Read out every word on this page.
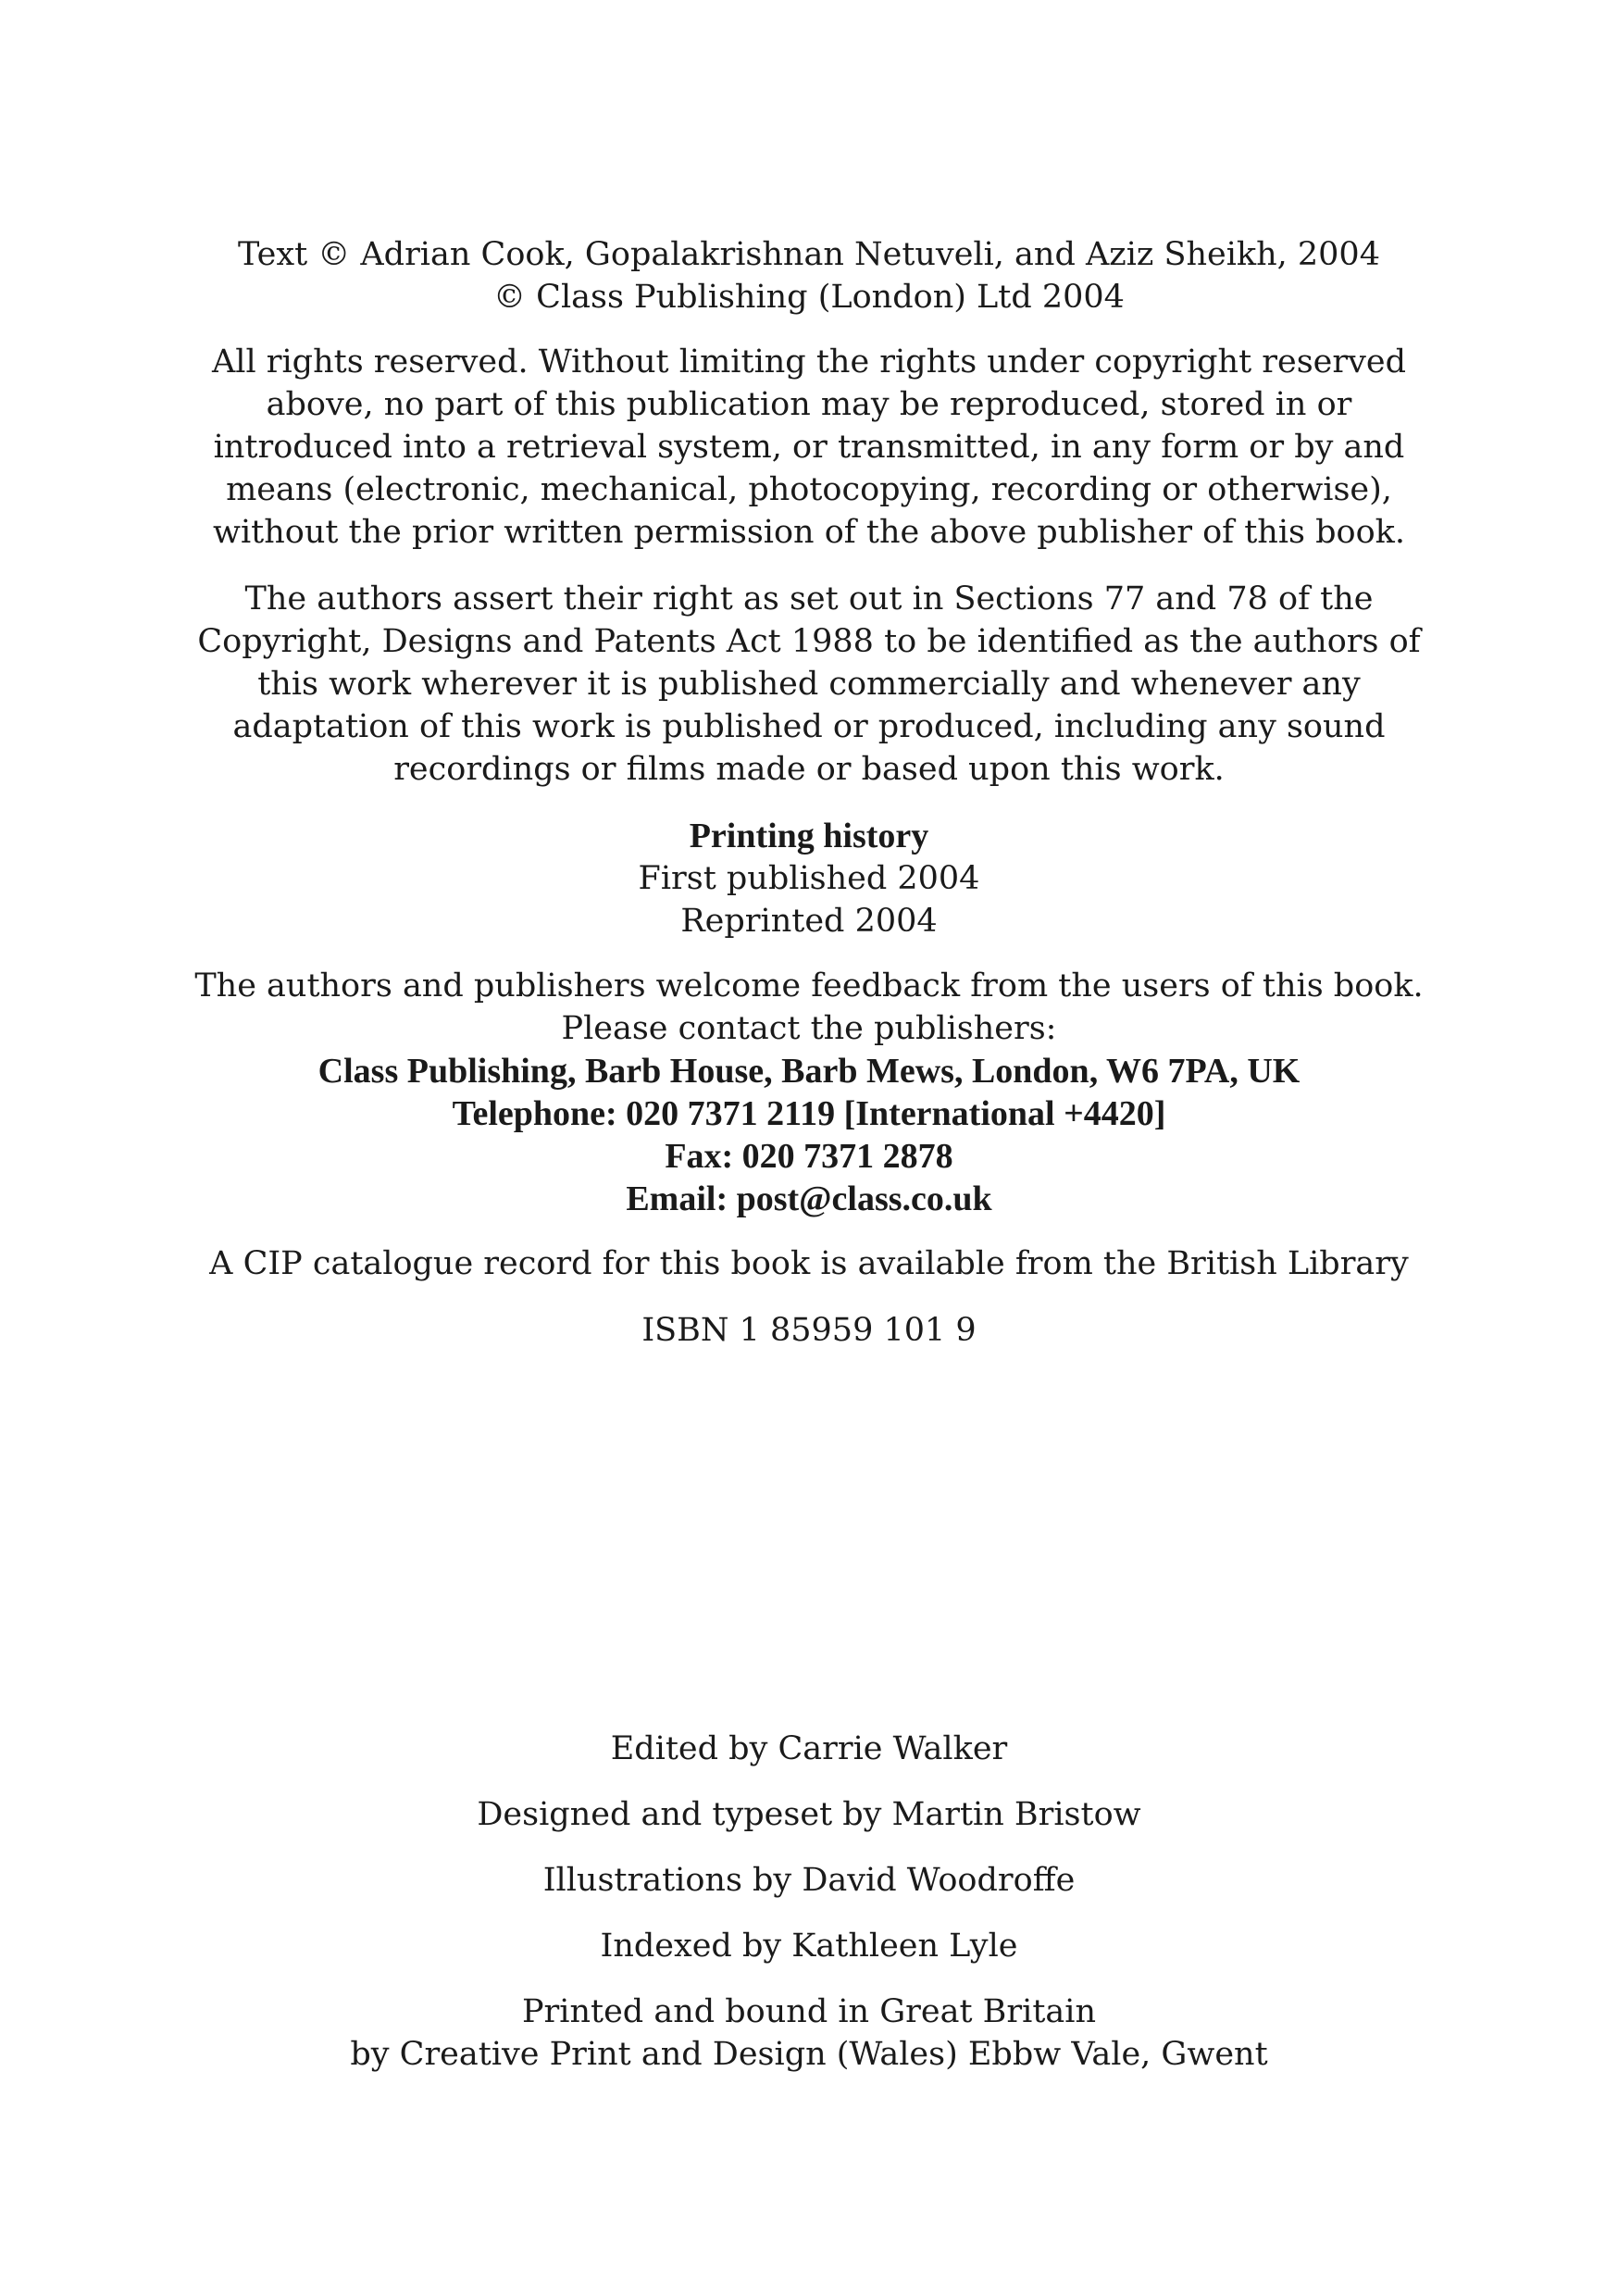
Text © Adrian Cook, Gopalakrishnan Netuveli, and Aziz Sheikh, 2004
© Class Publishing (London) Ltd 2004
All rights reserved. Without limiting the rights under copyright reserved
above, no part of this publication may be reproduced, stored in or
introduced into a retrieval system, or transmitted, in any form or by and
means (electronic, mechanical, photocopying, recording or otherwise),
without the prior written permission of the above publisher of this book.
The authors assert their right as set out in Sections 77 and 78 of the
Copyright, Designs and Patents Act 1988 to be identified as the authors of
this work wherever it is published commercially and whenever any
adaptation of this work is published or produced, including any sound
recordings or films made or based upon this work.
Printing history
First published 2004
Reprinted 2004
The authors and publishers welcome feedback from the users of this book.
Please contact the publishers:
Class Publishing, Barb House, Barb Mews, London, W6 7PA, UK
Telephone: 020 7371 2119 [International +4420]
Fax: 020 7371 2878
Email: post@class.co.uk
A CIP catalogue record for this book is available from the British Library
ISBN 1 85959 101 9
Edited by Carrie Walker
Designed and typeset by Martin Bristow
Illustrations by David Woodroffe
Indexed by Kathleen Lyle
Printed and bound in Great Britain
by Creative Print and Design (Wales) Ebbw Vale, Gwent
